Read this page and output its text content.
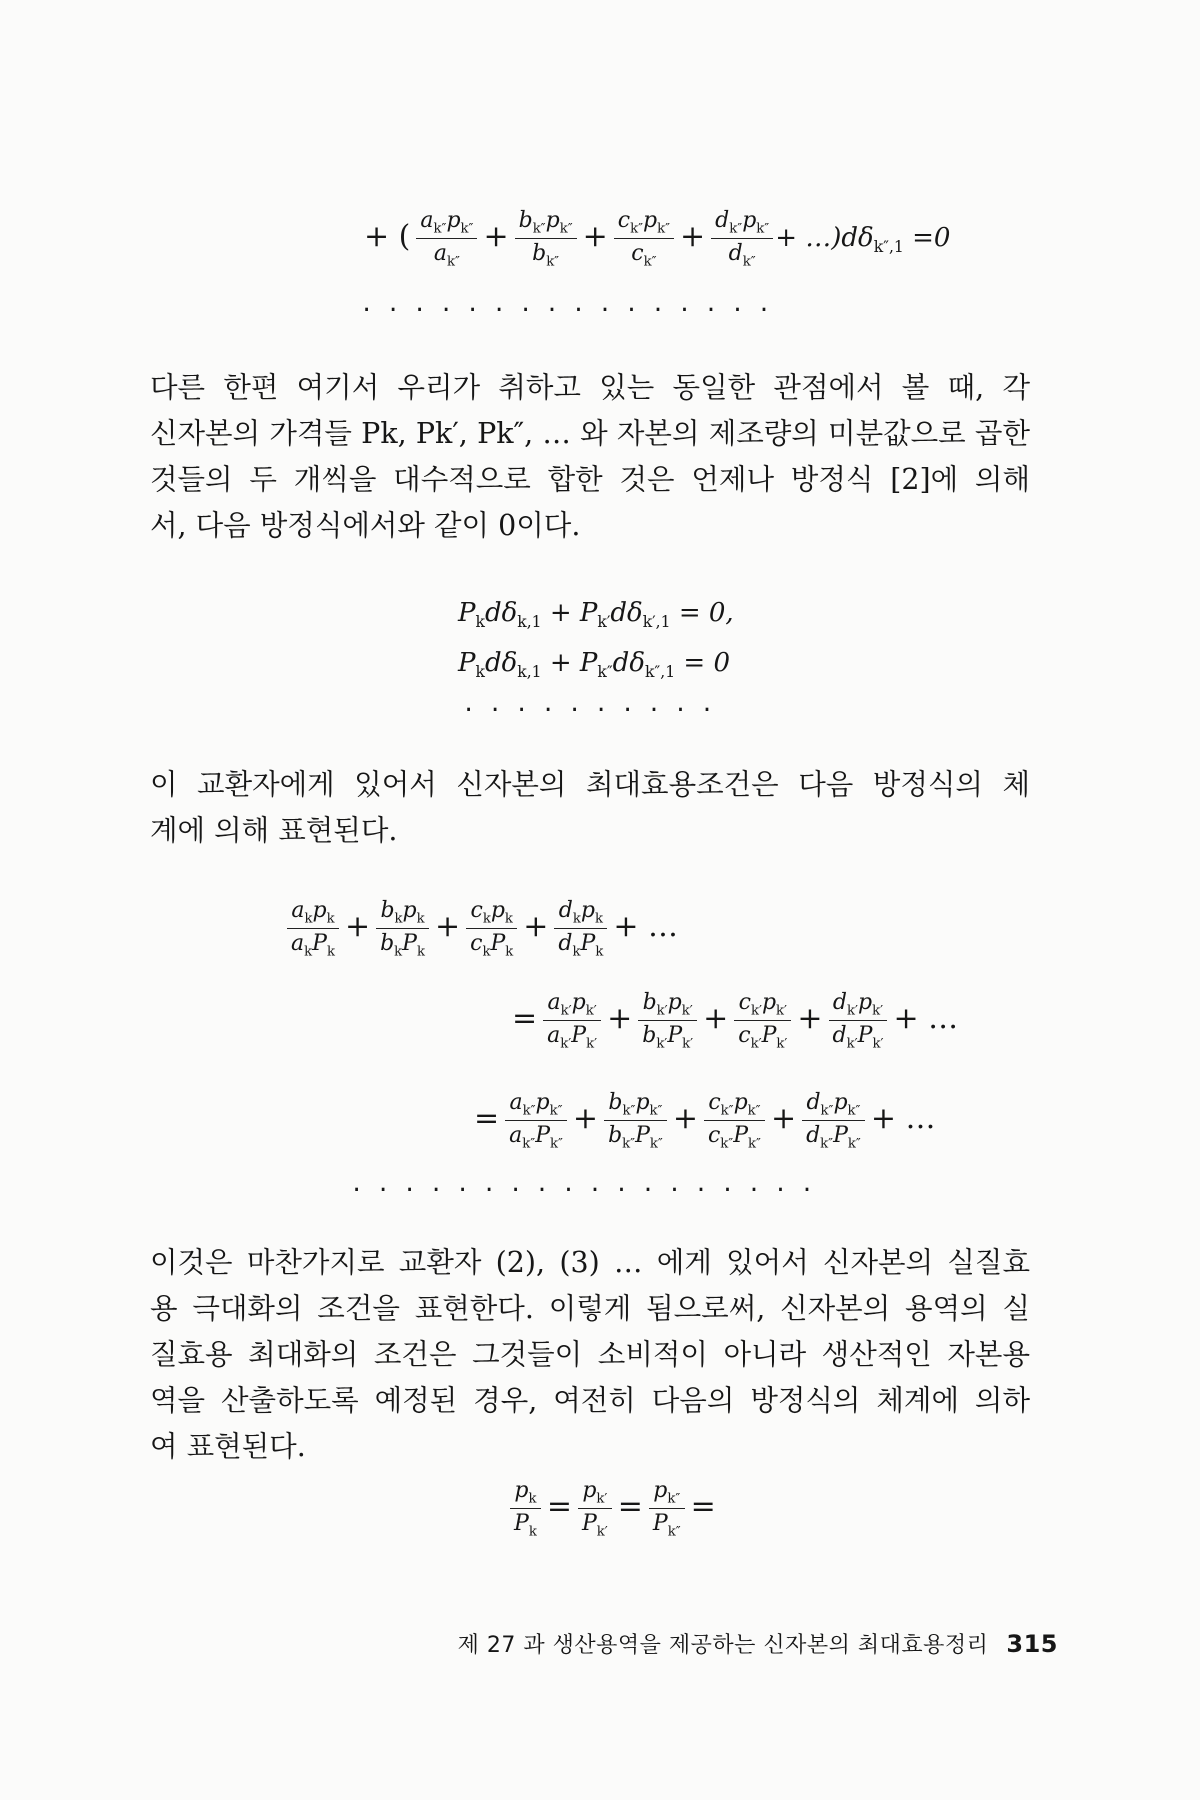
+ ( $\frac{a_{k''}p_{k''}}{a_{k''}} + \frac{b_{k''}p_{k''}}{b_{k''}} + \frac{c_{k''}p_{k''}}{c_{k''}} + \frac{d_{k''}p_{k''}}{d_{k''}}$ + $\dots)d\delta_{k'',1} =0$
· · · · · · · · · · · · · · · ·
다른 한편 여기서 우리가 취하고 있는 동일한 관점에서 볼 때, 각
신자본의 가격들 Pk, Pk′, Pk″, … 와 자본의 제조량의 미분값으로 곱한
것들의 두 개씩을 대수적으로 합한 것은 언제나 방정식 [2]에 의해
서, 다음 방정식에서와 같이 0이다.
$P_kd\delta_{k,1} + P_{k'}d\delta_{k',1} = 0$,
$P_kd\delta_{k,1} + P_{k''}d\delta_{k'',1} = 0$
· · · · · · · · · ·
이 교환자에게 있어서 신자본의 최대효용조건은 다음 방정식의 체
계에 의해 표현된다.
$\frac{a_kp_k}{a_kP_k} + \frac{b_kp_k}{b_kP_k} + \frac{c_kp_k}{c_kP_k} + \frac{d_kp_k}{d_kP_k}$ + …
= $\frac{a_{k'}p_{k'}}{a_{k'}P_{k'}} + \frac{b_{k'}p_{k'}}{b_{k'}P_{k'}} + \frac{c_{k'}p_{k'}}{c_{k'}P_{k'}} + \frac{d_{k'}p_{k'}}{d_{k'}P_{k'}}$ + …
= $\frac{a_{k''}p_{k''}}{a_{k''}P_{k''}} + \frac{b_{k''}p_{k''}}{b_{k''}P_{k''}} + \frac{c_{k''}p_{k''}}{c_{k''}P_{k''}} + \frac{d_{k''}p_{k''}}{d_{k''}P_{k''}}$ + …
· · · · · · · · · · · · · · · · · ·
이것은 마찬가지로 교환자 (2), (3) … 에게 있어서 신자본의 실질효
용 극대화의 조건을 표현한다. 이렇게 됨으로써, 신자본의 용역의 실
질효용 최대화의 조건은 그것들이 소비적이 아니라 생산적인 자본용
역을 산출하도록 예정된 경우, 여전히 다음의 방정식의 체계에 의하
여 표현된다.
$\frac{p_k}{P_k} = \frac{p_{k'}}{P_{k'}} = \frac{p_{k''}}{P_{k''}}$ =
제 27 과 생산용역을 제공하는 신자본의 최대효용정리 315
